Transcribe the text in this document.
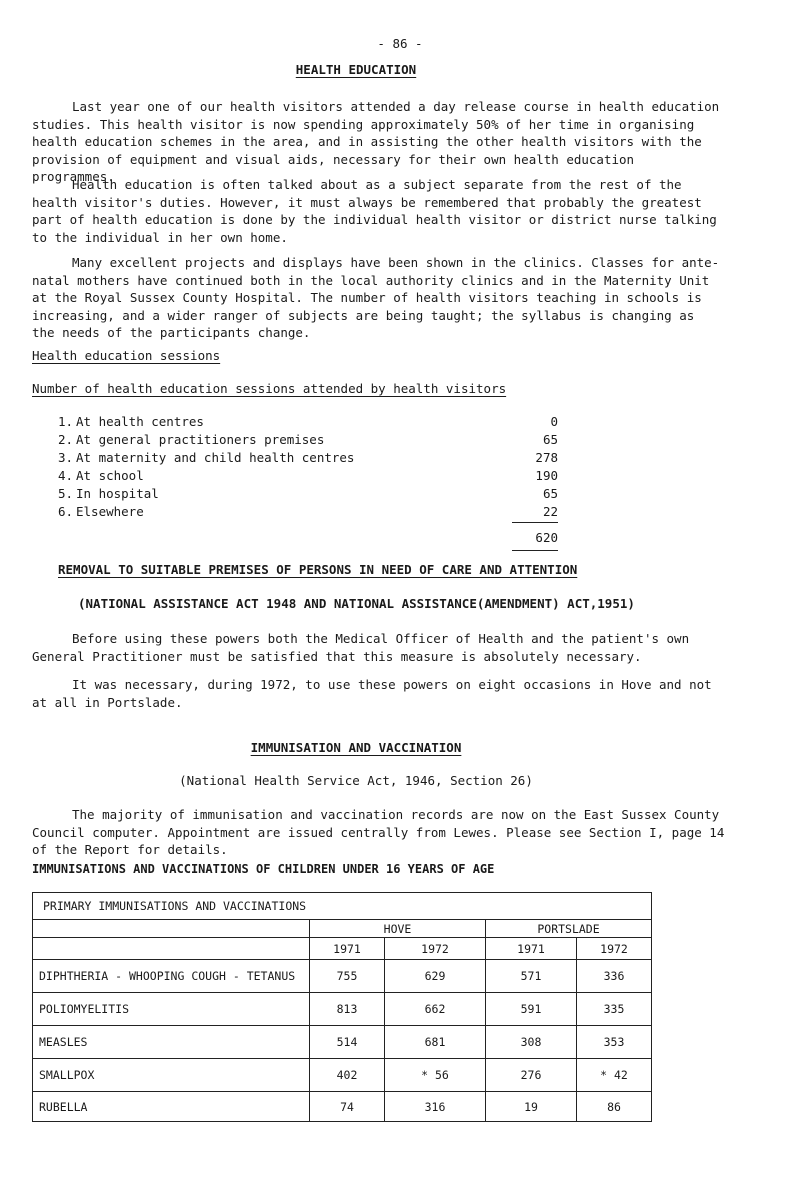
- 86 -
HEALTH EDUCATION
Last year one of our health visitors attended a day release course in health education studies. This health visitor is now spending approximately 50% of her time in organising health education schemes in the area, and in assisting the other health visitors with the provision of equipment and visual aids, necessary for their own health education programmes.
Health education is often talked about as a subject separate from the rest of the health visitor's duties. However, it must always be remembered that probably the greatest part of health education is done by the individual health visitor or district nurse talking to the individual in her own home.
Many excellent projects and displays have been shown in the clinics. Classes for ante-natal mothers have continued both in the local authority clinics and in the Maternity Unit at the Royal Sussex County Hospital. The number of health visitors teaching in schools is increasing, and a wider ranger of subjects are being taught; the syllabus is changing as the needs of the participants change.
Health education sessions
Number of health education sessions attended by health visitors
1. At health centres	0
2. At general practitioners premises	65
3. At maternity and child health centres	278
4. At school	190
5. In hospital	65
6. Elsewhere	22
620
REMOVAL TO SUITABLE PREMISES OF PERSONS IN NEED OF CARE AND ATTENTION
(NATIONAL ASSISTANCE ACT 1948 AND NATIONAL ASSISTANCE(AMENDMENT) ACT,1951)
Before using these powers both the Medical Officer of Health and the patient's own General Practitioner must be satisfied that this measure is absolutely necessary.
It was necessary, during 1972, to use these powers on eight occasions in Hove and not at all in Portslade.
IMMUNISATION AND VACCINATION
(National Health Service Act, 1946, Section 26)
The majority of immunisation and vaccination records are now on the East Sussex County Council computer. Appointment are issued centrally from Lewes. Please see Section I, page 14 of the Report for details.
IMMUNISATIONS AND VACCINATIONS OF CHILDREN UNDER 16 YEARS OF AGE
PRIMARY IMMUNISATIONS AND VACCINATIONS				
	HOVE		PORTSLADE	
	1971	1972	1971	1972
DIPHTHERIA - WHOOPING COUGH - TETANUS	755	629	571	336
POLIOMYELITIS	813	662	591	335
MEASLES	514	681	308	353
SMALLPOX	402	* 56	276	* 42
RUBELLA	74	316	19	86
